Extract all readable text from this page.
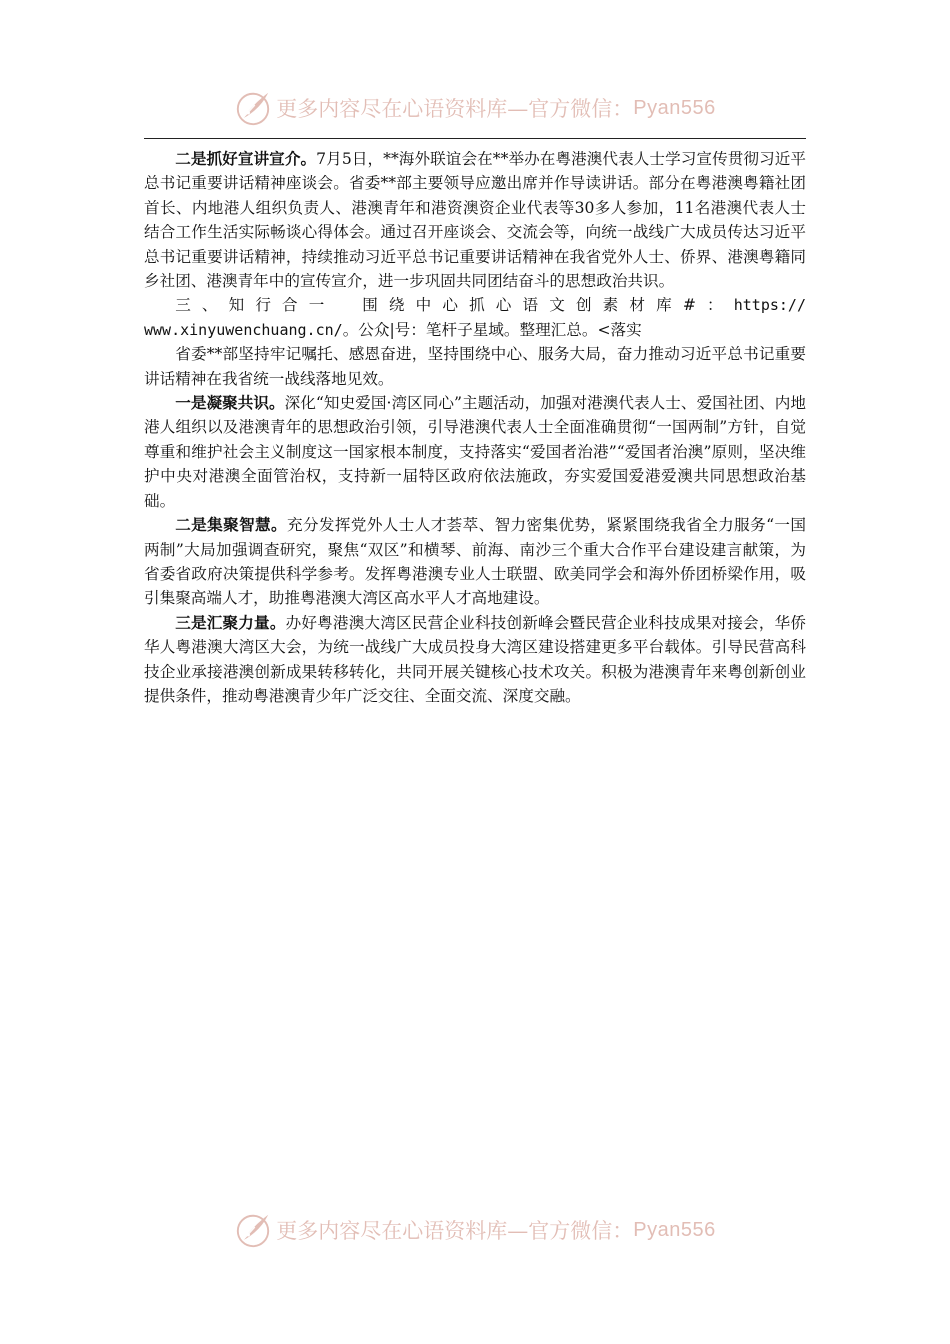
更多内容尽在心语资料库—官方微信： Pyan556

二是抓好宣讲宣介。7月5日，**海外联谊会在**举办在粤港澳代表人士学习宣传贯彻习近平总书记重要讲话精神座谈会。省委**部主要领导应邀出席并作导读讲话。部分在粤港澳粤籍社团首长、内地港人组织负责人、港澳青年和港资澳资企业代表等30多人参加，11名港澳代表人士结合工作生活实际畅谈心得体会。通过召开座谈会、交流会等，向统一战线广大成员传达习近平总书记重要讲话精神，持续推动习近平总书记重要讲话精神在我省党外人士、侨界、港澳粤籍同乡社团、港澳青年中的宣传宣介，进一步巩固共同团结奋斗的思想政治共识。

三、知行合一　围绕中心抓心语文创素材库#：https://www.xinyuwenchuang.cn/。公众|号：笔杆子星域。整理汇总。<落实

省委**部坚持牢记嘱托、感恩奋进，坚持围绕中心、服务大局，奋力推动习近平总书记重要讲话精神在我省统一战线落地见效。

一是凝聚共识。深化“知史爱国·湾区同心”主题活动，加强对港澳代表人士、爱国社团、内地港人组织以及港澳青年的思想政治引领，引导港澳代表人士全面准确贯彻“一国两制”方针，自觉尊重和维护社会主义制度这一国家根本制度，支持落实“爱国者治港”“爱国者治澳”原则，坚决维护中央对港澳全面管治权，支持新一届特区政府依法施政，夯实爱国爱港爱澳共同思想政治基础。

二是集聚智慧。充分发挥党外人士人才荟萃、智力密集优势，紧紧围绕我省全力服务“一国两制”大局加强调查研究，聚焦“双区”和横琴、前海、南沙三个重大合作平台建设建言献策，为省委省政府决策提供科学参考。发挥粤港澳专业人士联盟、欧美同学会和海外侨团桥梁作用，吸引集聚高端人才，助推粤港澳大湾区高水平人才高地建设。

三是汇聚力量。办好粤港澳大湾区民营企业科技创新峰会暨民营企业科技成果对接会，华侨华人粤港澳大湾区大会，为统一战线广大成员投身大湾区建设搭建更多平台载体。引导民营高科技企业承接港澳创新成果转移转化，共同开展关键核心技术攻关。积极为港澳青年来粤创新创业提供条件，推动粤港澳青少年广泛交往、全面交流、深度交融。

更多内容尽在心语资料库—官方微信： Pyan556
